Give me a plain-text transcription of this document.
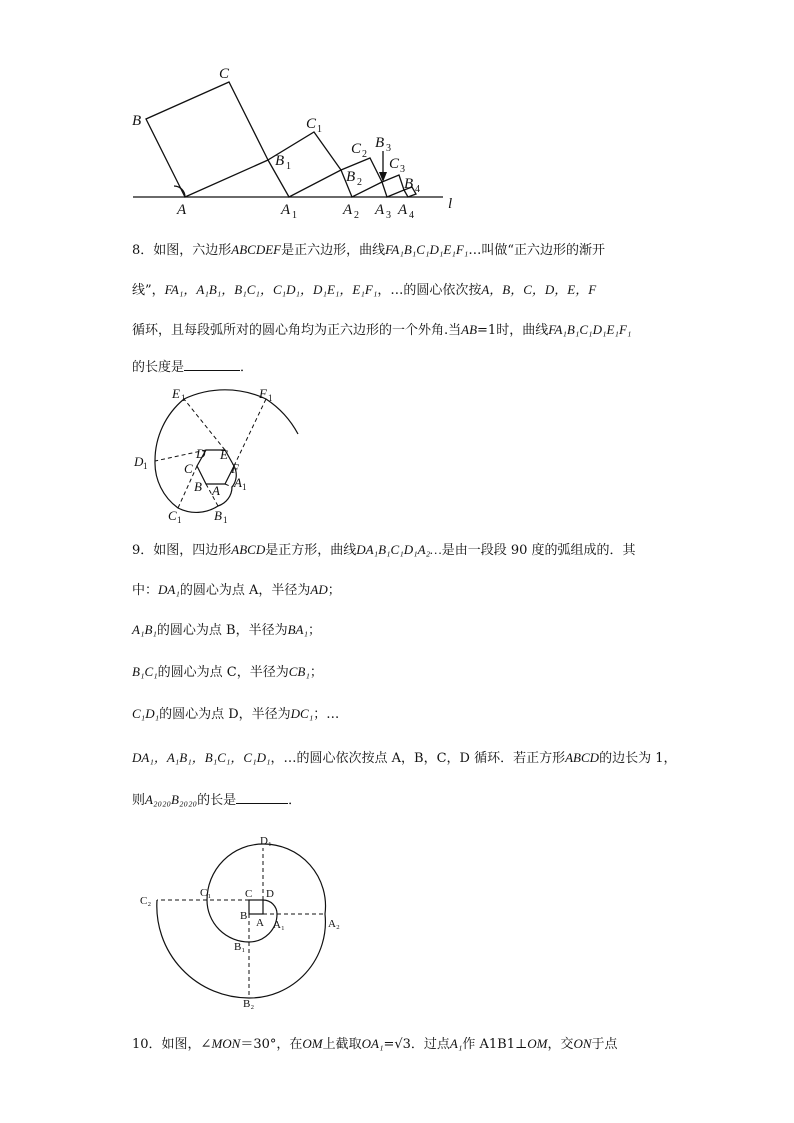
C
B	C 1
B 1
C 2
B 2
B 3
C 3
B 4
A	A 1	A 2 A 3 A 4
l
8．如图，六边形ABCDEF是正六边形，曲线FA₁B₁C₁D₁E₁F₁…叫做“正六边形的渐开
线”，FA₁，A₁B₁，B₁C₁，C₁D₁，D₁E₁，E₁F₁，…的圆心依次按A，B，C，D，E，F
循环，且每段弧所对的圆心角均为正六边形的一个外角.当AB=1时，曲线FA₁B₁C₁D₁E₁F₁
的长度是	．
E 1	F 1
D 1
D E
C	F
B A 1
A
C 1	B 1
9．如图，四边形ABCD是正方形，曲线DA₁B₁C₁D₁A₂…是由一段段 90 度的弧组成的．其
中：DA₁的圆心为点 A，半径为AD；
A₁B₁的圆心为点 B，半径为BA₁；
B₁C₁的圆心为点 C，半径为CB₁；
C₁D₁的圆心为点 D，半径为DC₁；…
DA₁，A₁B₁，B₁C₁，C₁D₁，…的圆心依次按点 A，B，C，D 循环．若正方形ABCD的边长为 1，
则A₂₀₂₀B₂₀₂₀的长是	．
D₁
C₁	C D
C₂
B
A A₁	A₂
B₁
B₂
10．如图，∠MON＝30°，在OM上截取OA₁=√3．过点A₁作 A1B1⊥OM，交ON于点
